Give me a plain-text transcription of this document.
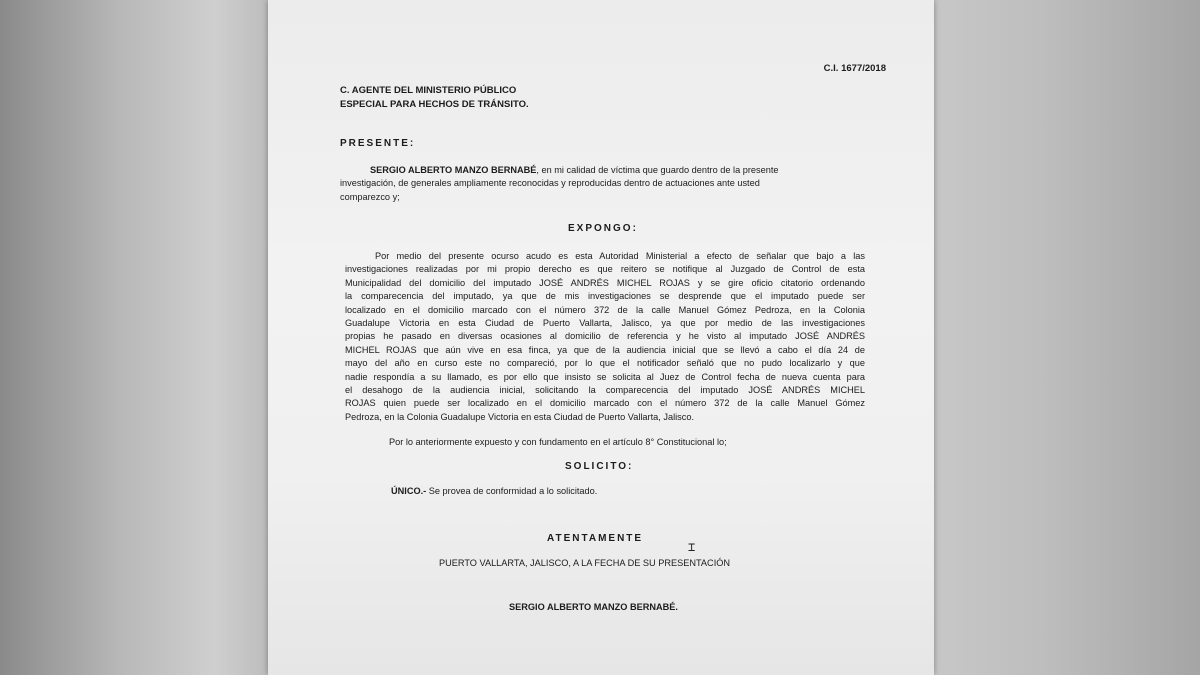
C.I. 1677/2018
C. AGENTE DEL MINISTERIO PÚBLICO
ESPECIAL PARA HECHOS DE TRÁNSITO.
PRESENTE:
SERGIO ALBERTO MANZO BERNABÉ, en mi calidad de víctima que guardo dentro de la presente
investigación, de generales ampliamente reconocidas y reproducidas dentro de actuaciones ante usted
comparezco y;
EXPONGO:
Por medio del presente ocurso acudo es esta Autoridad Ministerial a efecto de señalar que bajo a las
investigaciones realizadas por mi propio derecho es que reitero se notifique al Juzgado de Control de esta
Municipalidad del domicilio del imputado JOSÉ ANDRÉS MICHEL ROJAS y se gire oficio citatorio ordenando
la comparecencia del imputado, ya que de mis investigaciones se desprende que el imputado puede ser
localizado en el domicilio marcado con el número 372 de la calle Manuel Gómez Pedroza, en la Colonia
Guadalupe Victoria en esta Ciudad de Puerto Vallarta, Jalisco, ya que por medio de las investigaciones
propias he pasado en diversas ocasiones al domicilio de referencia y he visto al imputado JOSÉ ANDRÉS
MICHEL ROJAS que aún vive en esa finca, ya que de la audiencia inicial que se llevó a cabo el día 24 de
mayo del año en curso este no compareció, por lo que el notificador señaló que no pudo localizarlo y que
nadie respondía a su llamado, es por ello que insisto se solicita al Juez de Control fecha de nueva cuenta para
el desahogo de la audiencia inicial, solicitando la comparecencia del imputado JOSÉ ANDRÉS MICHEL
ROJAS quien puede ser localizado en el domicilio marcado con el número 372 de la calle Manuel Gómez
Pedroza, en la Colonia Guadalupe Victoria en esta Ciudad de Puerto Vallarta, Jalisco.
Por lo anteriormente expuesto y con fundamento en el artículo 8° Constitucional lo;
SOLICITO:
ÚNICO.- Se provea de conformidad a lo solicitado.
ATENTAMENTE
PUERTO VALLARTA, JALISCO, A LA FECHA DE SU PRESENTACIÓN
SERGIO ALBERTO MANZO BERNABÉ.
⌶
